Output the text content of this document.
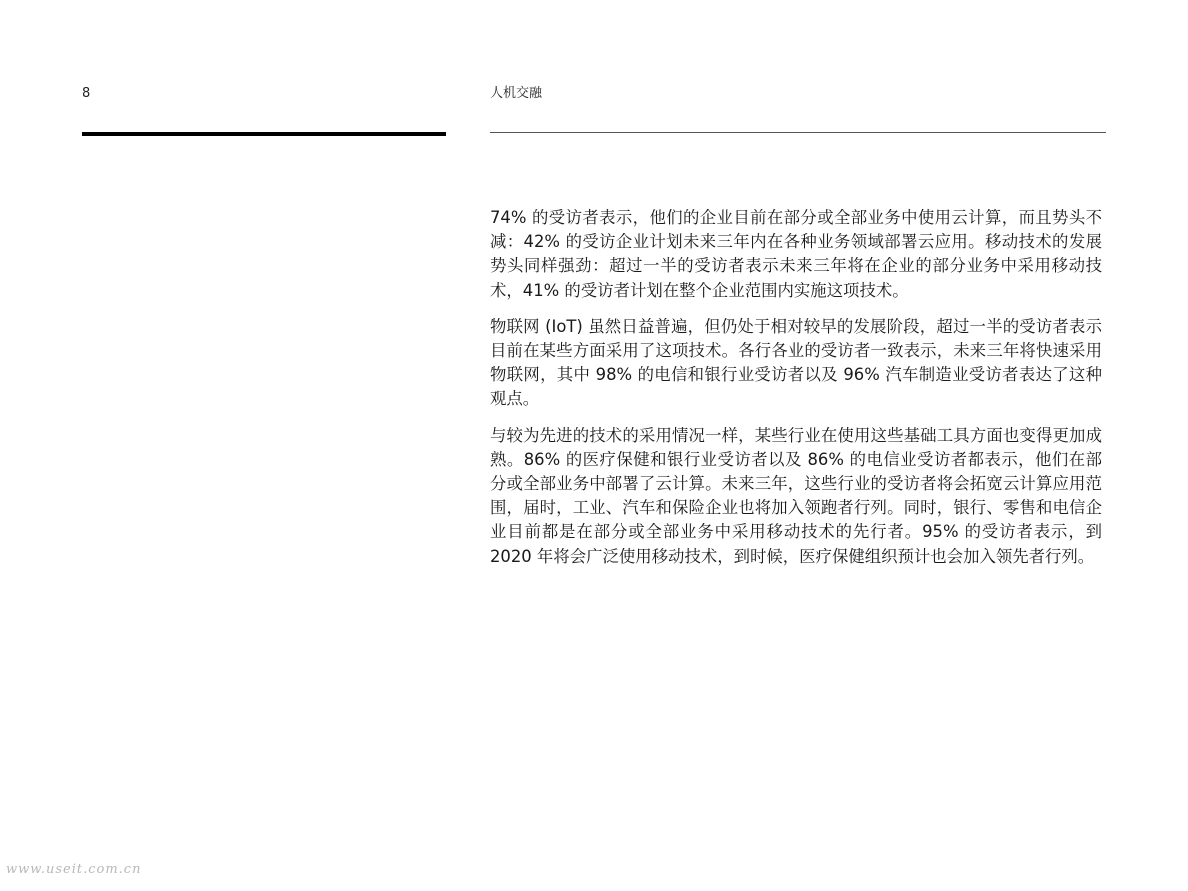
8	人机交融

74% 的受访者表示，他们的企业目前在部分或全部业务中使用云计算，而且势头不减：42% 的受访企业计划未来三年内在各种业务领域部署云应用。移动技术的发展势头同样强劲：超过一半的受访者表示未来三年将在企业的部分业务中采用移动技术，41% 的受访者计划在整个企业范围内实施这项技术。

物联网 (IoT) 虽然日益普遍，但仍处于相对较早的发展阶段，超过一半的受访者表示目前在某些方面采用了这项技术。各行各业的受访者一致表示，未来三年将快速采用物联网，其中 98% 的电信和银行业受访者以及 96% 汽车制造业受访者表达了这种观点。

与较为先进的技术的采用情况一样，某些行业在使用这些基础工具方面也变得更加成熟。86% 的医疗保健和银行业受访者以及 86% 的电信业受访者都表示，他们在部分或全部业务中部署了云计算。未来三年，这些行业的受访者将会拓宽云计算应用范围，届时，工业、汽车和保险企业也将加入领跑者行列。同时，银行、零售和电信企业目前都是在部分或全部业务中采用移动技术的先行者。95% 的受访者表示，到 2020 年将会广泛使用移动技术，到时候，医疗保健组织预计也会加入领先者行列。

www.useit.com.cn
